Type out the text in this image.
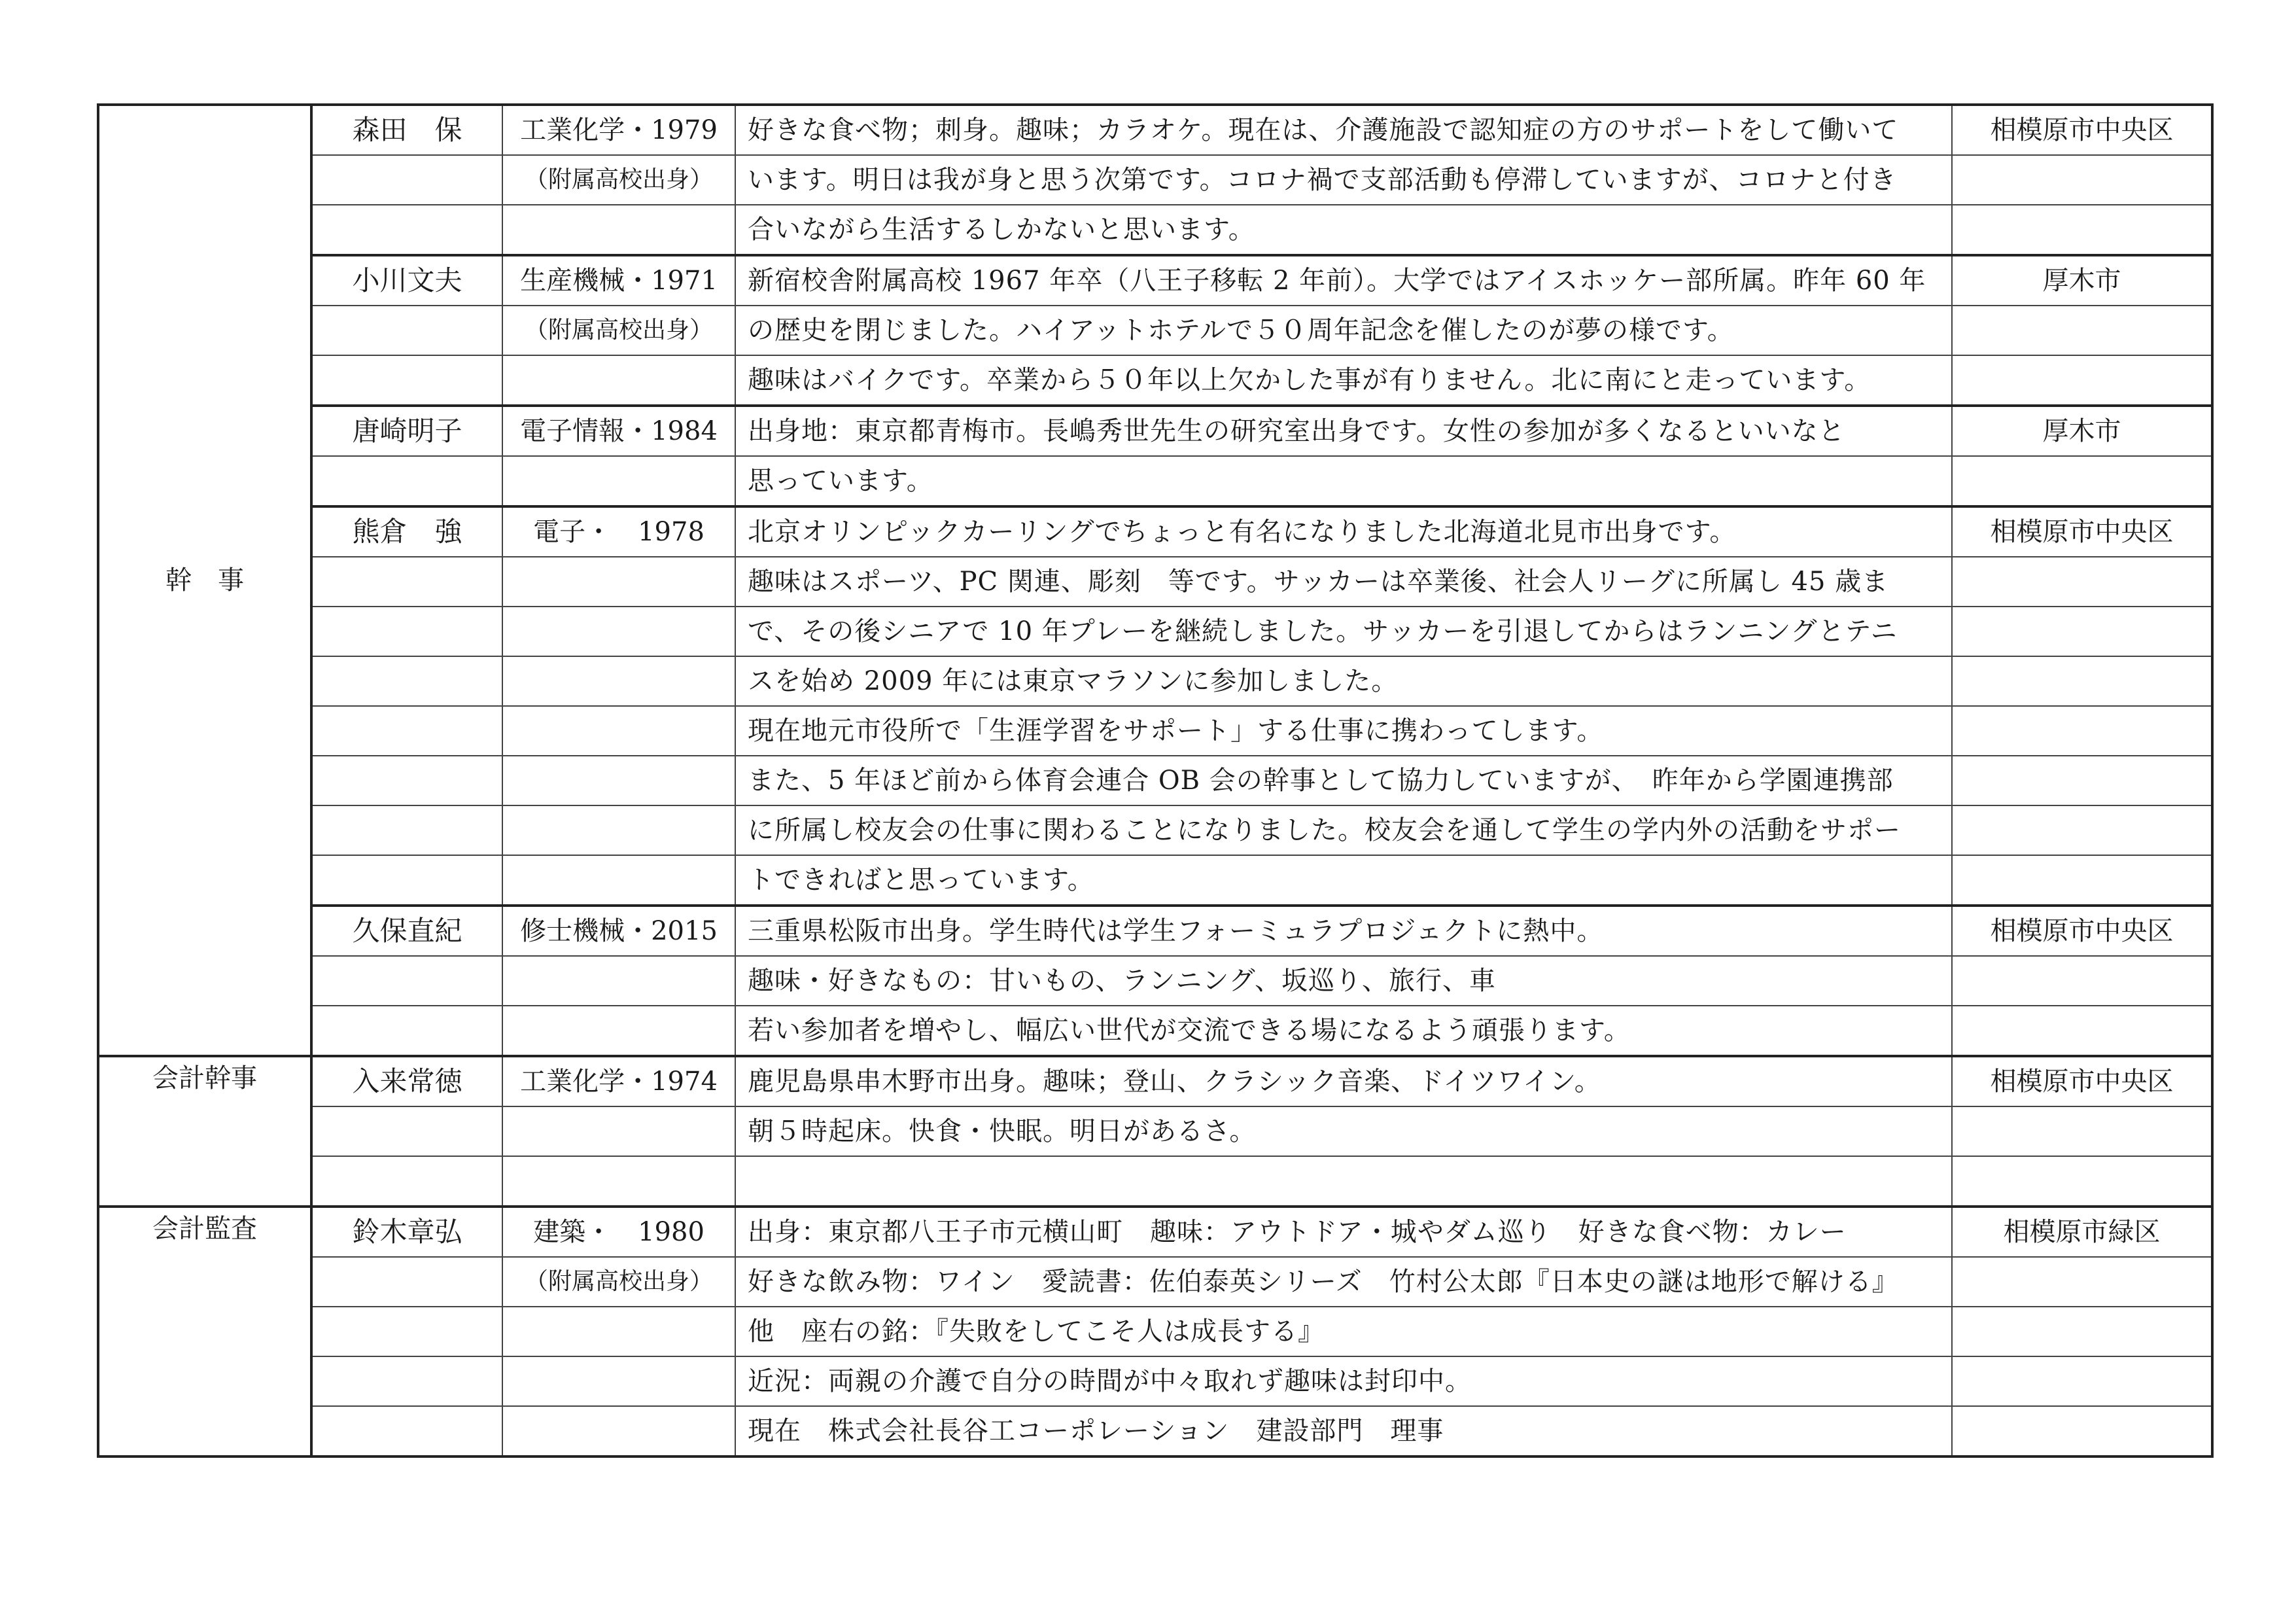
幹　事	森田　保	工業化学・1979	好きな食べ物；刺身。趣味；カラオケ。現在は、介護施設で認知症の方のサポートをして働いて	相模原市中央区
		（附属高校出身）	います。明日は我が身と思う次第です。コロナ禍で支部活動も停滞していますが、コロナと付き	
			合いながら生活するしかないと思います。	
	小川文夫	生産機械・1971	新宿校舎附属高校 1967 年卒（八王子移転 2 年前）。大学ではアイスホッケー部所属。昨年 60 年	厚木市
		（附属高校出身）	の歴史を閉じました。ハイアットホテルで５０周年記念を催したのが夢の様です。	
			趣味はバイクです。卒業から５０年以上欠かした事が有りません。北に南にと走っています。	
	唐崎明子	電子情報・1984	出身地：東京都青梅市。長嶋秀世先生の研究室出身です。女性の参加が多くなるといいなと	厚木市
			思っています。	
	熊倉　強	電子・　1978	北京オリンピックカーリングでちょっと有名になりました北海道北見市出身です。	相模原市中央区
			趣味はスポーツ、PC 関連、彫刻　等です。サッカーは卒業後、社会人リーグに所属し 45 歳ま	
			で、その後シニアで 10 年プレーを継続しました。サッカーを引退してからはランニングとテニ	
			スを始め 2009 年には東京マラソンに参加しました。	
			現在地元市役所で「生涯学習をサポート」する仕事に携わってします。	
			また、5 年ほど前から体育会連合 OB 会の幹事として協力していますが、　昨年から学園連携部	
			に所属し校友会の仕事に関わることになりました。校友会を通して学生の学内外の活動をサポー	
			トできればと思っています。	
	久保直紀	修士機械・2015	三重県松阪市出身。学生時代は学生フォーミュラプロジェクトに熱中。	相模原市中央区
			趣味・好きなもの：甘いもの、ランニング、坂巡り、旅行、車	
			若い参加者を増やし、幅広い世代が交流できる場になるよう頑張ります。	
会計幹事	入来常徳	工業化学・1974	鹿児島県串木野市出身。趣味；登山、クラシック音楽、ドイツワイン。	相模原市中央区
			朝５時起床。快食・快眠。明日があるさ。	

会計監査	鈴木章弘	建築・　1980	出身：東京都八王子市元横山町　趣味：アウトドア・城やダム巡り　好きな食べ物：カレー	相模原市緑区
		（附属高校出身）	好きな飲み物：ワイン　愛読書：佐伯泰英シリーズ　竹村公太郎『日本史の謎は地形で解ける』	
			他　座右の銘：『失敗をしてこそ人は成長する』	
			近況：両親の介護で自分の時間が中々取れず趣味は封印中。	
			現在　株式会社長谷工コーポレーション　建設部門　理事	
